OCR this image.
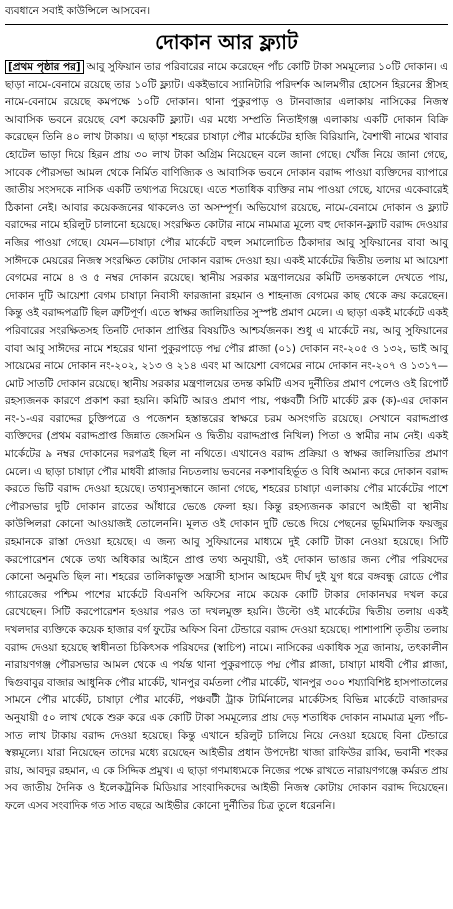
ব্যবধানে সবাই কাউন্সিলে আসবেন।
দোকান আর ফ্ল্যাট
[প্রথম পৃষ্ঠার পর] আবু সুফিয়ান তার পরিবারের নামে করেছেন পাঁচ কোটি টাকা সমমূল্যের ১০টি দোকান। এ ছাড়া নামে-বেনামে রয়েছে তার ১০টি ফ্ল্যাট। একইভাবে স্যানিটারি পরিদর্শক আলমগীর হোসেন হিরনের স্ত্রীসহ নামে-বেনামে রয়েছে কমপক্ষে ১০টি দোকান। থানা পুকুরপাড় ও টানবাজার এলাকায় নাসিকের নিজস্ব আবাসিক ভবনে রয়েছে বেশ কয়েকটি ফ্ল্যাট। এর মধ্যে সম্প্রতি নিতাইগঞ্জ এলাকায় একটি দোকান বিক্রি করেছেন তিনি ৪০ লাখ টাকায়। এ ছাড়া শহরের চাষাঢ়া পৌর মার্কেটের হাজি বিরিয়ানি, বৈশাখী নামের খাবার হোটেল ভাড়া দিয়ে হিরন প্রায় ৩০ লাখ টাকা অগ্রিম নিয়েছেন বলে জানা গেছে। খোঁজ নিয়ে জানা গেছে, সাবেক পৌরসভা আমল থেকে নির্মিত বাণিজ্যিক ও আবাসিক ভবনে দোকান বরাদ্দ পাওয়া ব্যক্তিদের ব্যাপারে জাতীয় সংসদকে নাসিক একটি তথ্যপত্র দিয়েছে। এতে শতাধিক ব্যক্তির নাম পাওয়া গেছে, যাদের একেবারেই ঠিকানা নেই। আবার কয়েকজনের থাকলেও তা অসম্পূর্ণ। অভিযোগ রয়েছে, নামে-বেনামে দোকান ও ফ্ল্যাট বরাদ্দের নামে হরিলুট চালানো হয়েছে। সংরক্ষিত কোটার নামে নামমাত্র মূল্যে বহু দোকান-ফ্ল্যাট বরাদ্দ দেওয়ার নজির পাওয়া গেছে। যেমন—চাষাঢ়া পৌর মার্কেটে বহুল সমালোচিত ঠিকাদার আবু সুফিয়ানের বাবা আবু সাঈদকে মেয়রের নিজস্ব সংরক্ষিত কোটায় দোকান বরাদ্দ দেওয়া হয়। একই মার্কেটের দ্বিতীয় তলায় মা আয়েশা বেগমের নামে ৪ ও ৫ নম্বর দোকান রয়েছে। স্থানীয় সরকার মন্ত্রণালয়ের কমিটি তদন্তকালে দেখতে পায়, দোকান দুটি আয়েশা বেগম চাষাঢ়া নিবাসী ফারজানা রহমান ও শাহনাজ বেগমের কাছ থেকে ক্রয় করেছেন। কিন্তু ওই বরাদ্দপত্রটি ছিল ত্রুটিপূর্ণ। এতে স্বাক্ষর জালিয়াতির সুস্পষ্ট প্রমাণ মেলে। এ ছাড়া একই মার্কেটে একই পরিবারের সংরক্ষিতসহ তিনটি দোকান প্রাপ্তির বিষয়টিও আশ্চর্যজনক। শুধু এ মার্কেটে নয়, আবু সুফিয়ানের বাবা আবু সাঈদের নামে শহরের থানা পুকুরপাড়ে পদ্ম পৌর প্লাজা (০১) দোকান নং-২০৫ ও ১৩২, ভাই আবু সায়েমের নামে দোকান নং-২০২, ২১৩ ও ২১৪ এবং মা আয়েশা বেগমের নামে দোকান নং-২০৭ ও ১৩১৭—মোট সাতটি দোকান রয়েছে। স্থানীয় সরকার মন্ত্রণালয়ের তদন্ত কমিটি এসব দুর্নীতির প্রমাণ পেলেও ওই রিপোর্ট রহস্যজনক কারণে প্রকাশ করা হয়নি। কমিটি আরও প্রমাণ পায়, পঞ্চবটী সিটি মার্কেট ব্লক (ক)-এর দোকান নং-১-এর বরাদ্দের চুক্তিপত্রে ও পজেশন হস্তান্তরের স্বাক্ষরে চরম অসংগতি রয়েছে। সেখানে বরাদ্দপ্রাপ্ত ব্যক্তিদের (প্রথম বরাদ্দপ্রাপ্ত জিন্নাত জেসমিন ও দ্বিতীয় বরাদ্দপ্রাপ্ত নিখিল) পিতা ও স্বামীর নাম নেই। একই মার্কেটের ৯ নম্বর দোকানের দরপত্রই ছিল না নথিতে। এখানেও বরাদ্দ প্রক্রিয়া ও স্বাক্ষর জালিয়াতির প্রমাণ মেলে। এ ছাড়া চাষাঢ়া পৌর মাধবী প্লাজার নিচতলায় ভবনের নকশাবহির্ভূত ও বিধি অমান্য করে দোকান বরাদ্দ করতে ভিটি বরাদ্দ দেওয়া হয়েছে। তথ্যানুসন্ধানে জানা গেছে, শহরের চাষাঢ়া এলাকায় পৌর মার্কেটের পাশে পৌরসভার দুটি দোকান রাতের আঁধারে ভেঙে ফেলা হয়। কিন্তু রহস্যজনক কারণে আইভী বা স্থানীয় কাউন্সিলরা কোনো আওয়াজই তোলেননি। মূলত ওই দোকান দুটি ভেঙে দিয়ে পেছনের ভূমিমালিক ফয়জুর রহমানকে রাস্তা দেওয়া হয়েছে। এ জন্য আবু সুফিয়ানের মাধ্যমে দুই কোটি টাকা নেওয়া হয়েছে। সিটি করপোরেশন থেকে তথ্য অধিকার আইনে প্রাপ্ত তথ্য অনুযায়ী, ওই দোকান ভাঙার জন্য পৌর পরিষদের কোনো অনুমতি ছিল না। শহরের তালিকাভুক্ত সন্ত্রাসী হাসান আহমেদ দীর্ঘ দুই যুগ ধরে বঙ্গবন্ধু রোডে পৌর গ্যারেজের পশ্চিম পাশের মার্কেটে বিএনপি অফিসের নামে কয়েক কোটি টাকার দোকানঘর দখল করে রেখেছেন। সিটি করপোরেশন হওয়ার পরও তা দখলমুক্ত হয়নি। উল্টো ওই মার্কেটের দ্বিতীয় তলায় একই দখলদার ব্যক্তিকে কয়েক হাজার বর্গ ফুটের অফিস বিনা টেন্ডারে বরাদ্দ দেওয়া হয়েছে। পাশাপাশি তৃতীয় তলায় বরাদ্দ দেওয়া হয়েছে স্বাধীনতা চিকিৎসক পরিষদের (স্বাচিপ) নামে। নাসিকের একাধিক সূত্র জানায়, তৎকালীন নারায়ণগঞ্জ পৌরসভার আমল থেকে এ পর্যন্ত থানা পুকুরপাড়ে পদ্ম পৌর প্লাজা, চাষাঢ়া মাধবী পৌর প্লাজা, দ্বিগুবাবুর বাজার আধুনিক পৌর মার্কেট, খানপুর বর্মতলা পৌর মার্কেট, খানপুর ৩০০ শয্যাবিশিষ্ট হাসপাতালের সামনে পৌর মার্কেট, চাষাঢ়া পৌর মার্কেট, পঞ্চবটী ট্রাক টার্মিনালের মার্কেটসহ বিভিন্ন মার্কেটে বাজারদর অনুযায়ী ৫০ লাখ থেকে শুরু করে এক কোটি টাকা সমমূল্যের প্রায় দেড় শতাধিক দোকান নামমাত্র মূল্য পাঁচ-সাত লাখ টাকায় বরাদ্দ দেওয়া হয়েছে। কিন্তু এখানে হরিলুট চালিয়ে নিয়ে নেওয়া হয়েছে বিনা টেন্ডারে স্বল্পমূল্যে। যারা নিয়েছেন তাদের মধ্যে রয়েছেন আইভীর প্রধান উপদেষ্টা খাজা রাফিউর রাব্বি, ভবানী শংকর রায়, আবদুর রহমান, এ কে সিদ্দিক প্রমুখ। এ ছাড়া গণমাধ্যমকে নিজের পক্ষে রাখতে নারায়ণগঞ্জে কর্মরত প্রায় সব জাতীয় দৈনিক ও ইলেকট্রনিক মিডিয়ার সাংবাদিকদের আইভী নিজস্ব কোটায় দোকান বরাদ্দ দিয়েছেন। ফলে এসব সংবাদিক গত সাত বছরে আইভীর কোনো দুর্নীতির চিত্র তুলে ধরেননি।
